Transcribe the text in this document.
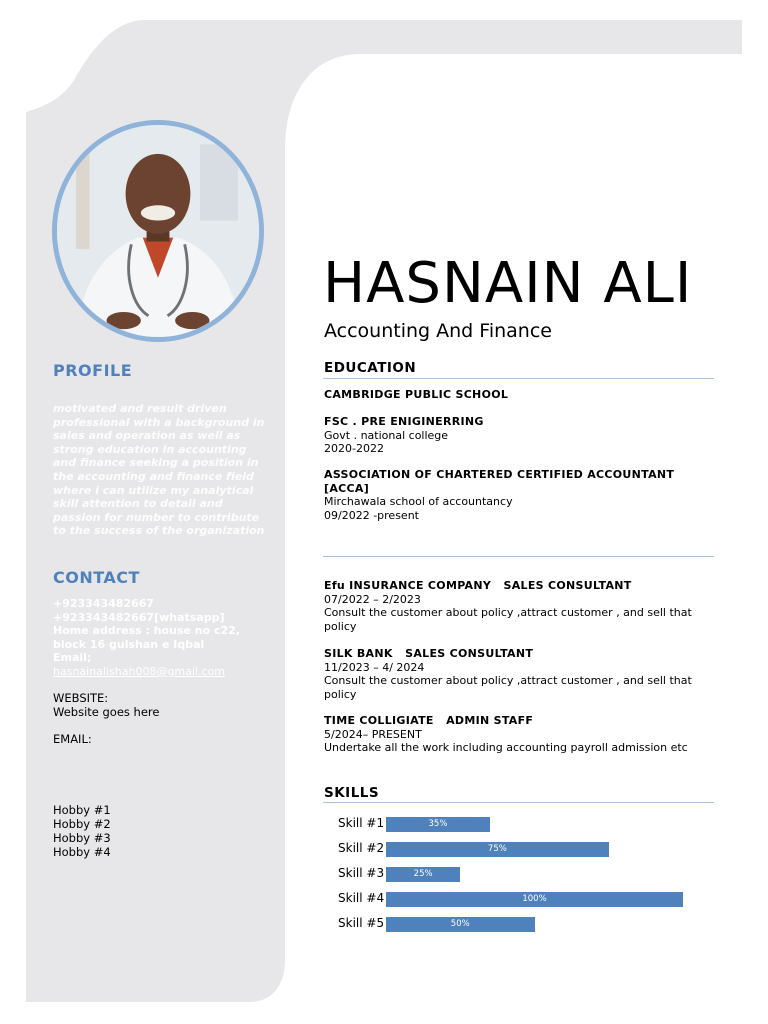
PROFILE
motivated and result driven professional with a background in sales and operation as well as strong education in accounting and finance seeking a position in the accounting and finance field where i can utilize my analytical skill attention to detail and passion for number to contribute to the success of the organization
CONTACT
+923343482667
+923343482667[whatsapp]
Home address : house no c22, block 16 gulshan e Iqbal
Email;
hasnainalishah008@gmail.com
WEBSITE:
Website goes here
EMAIL:
Hobby #1
Hobby #2
Hobby #3
Hobby #4
HASNAIN ALI
Accounting And Finance
EDUCATION
CAMBRIDGE PUBLIC SCHOOL
FSC . PRE ENIGINERRING
Govt . national college
2020-2022
ASSOCIATION OF CHARTERED CERTIFIED ACCOUNTANT [ACCA]
Mirchawala school of accountancy
09/2022 -present
Efu INSURANCE COMPANY   SALES CONSULTANT
07/2022 – 2/2023
Consult the customer about policy ,attract customer , and sell that policy
SILK BANK   SALES CONSULTANT
11/2023 – 4/ 2024
Consult the customer about policy ,attract customer , and sell that policy
TIME COLLIGIATE   ADMIN STAFF
5/2024– PRESENT
Undertake all the work including accounting payroll admission etc
SKILLS
Skill #1	35%
Skill #2	75%
Skill #3	25%
Skill #4	100%
Skill #5	50%
